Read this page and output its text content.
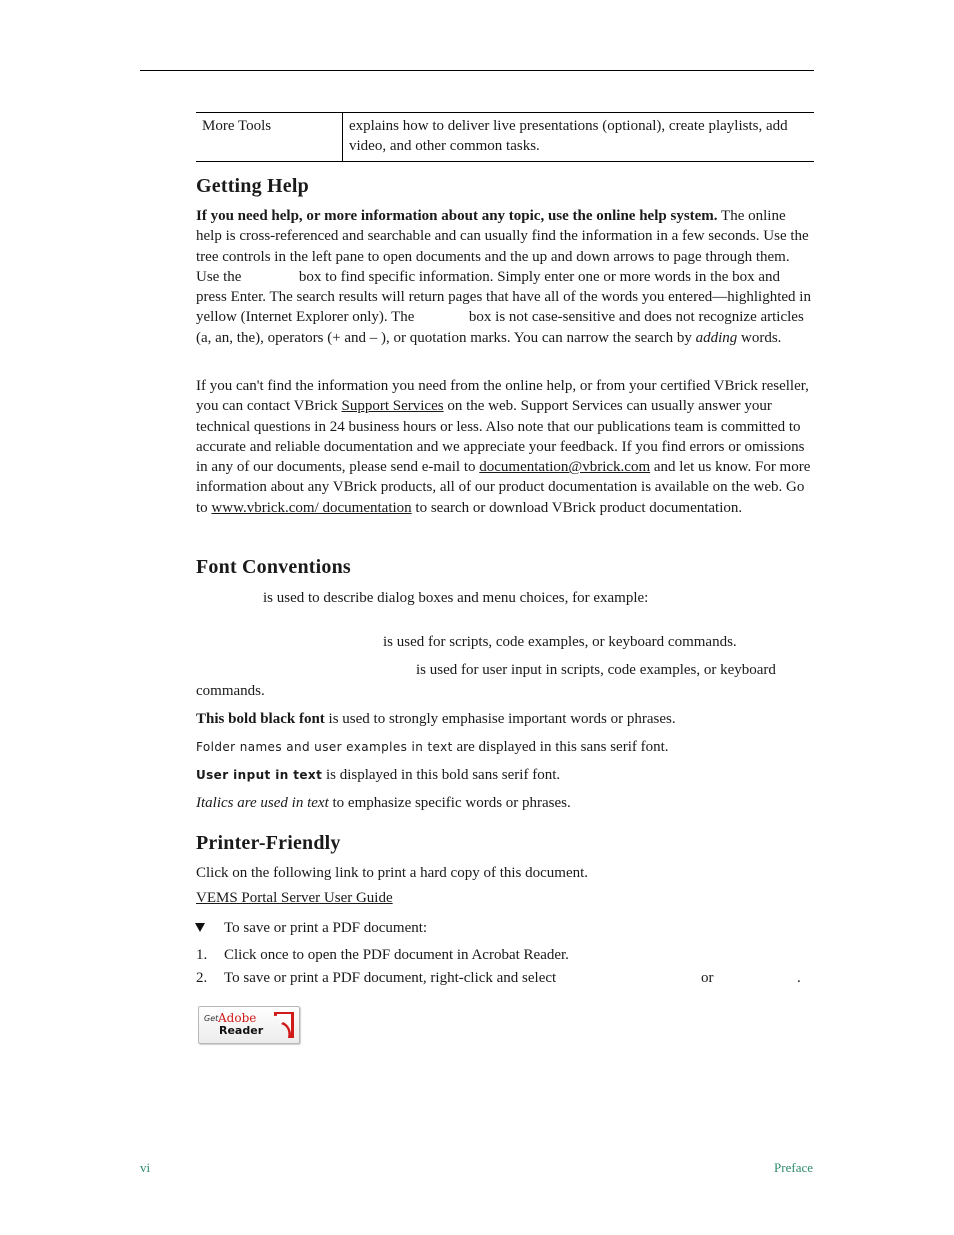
More Tools	explains how to deliver live presentations (optional), create playlists, add video, and other common tasks.
Getting Help

If you need help, or more information about any topic, use the online help system. The online help is cross-referenced and searchable and can usually find the information in a few seconds. Use the tree controls in the left pane to open documents and the up and down arrows to page through them. Use the	box to find specific information. Simply enter one or more words in the box and press Enter. The search results will return pages that have all of the words you entered—highlighted in yellow (Internet Explorer only). The	box is not case-sensitive and does not recognize articles (a, an, the), operators (+ and – ), or quotation marks. You can narrow the search by adding words.

If you can't find the information you need from the online help, or from your certified VBrick reseller, you can contact VBrick Support Services on the web. Support Services can usually answer your technical questions in 24 business hours or less. Also note that our publications team is committed to accurate and reliable documentation and we appreciate your feedback. If you find errors or omissions in any of our documents, please send e-mail to documentation@vbrick.com and let us know. For more information about any VBrick products, all of our product documentation is available on the web. Go to www.vbrick.com/ documentation to search or download VBrick product documentation.

Font Conventions

is used to describe dialog boxes and menu choices, for example:

is used for scripts, code examples, or keyboard commands.

is used for user input in scripts, code examples, or keyboard

commands.

This bold black font is used to strongly emphasise important words or phrases.

Folder names and user examples in text are displayed in this sans serif font.

User input in text is displayed in this bold sans serif font.

Italics are used in text to emphasize specific words or phrases.

Printer-Friendly

Click on the following link to print a hard copy of this document.

VEMS Portal Server User Guide

To save or print a PDF document:

1. Click once to open the PDF document in Acrobat Reader.

2. To save or print a PDF document, right-click and select	or	.

Get Adobe
Reader
vi	Preface
